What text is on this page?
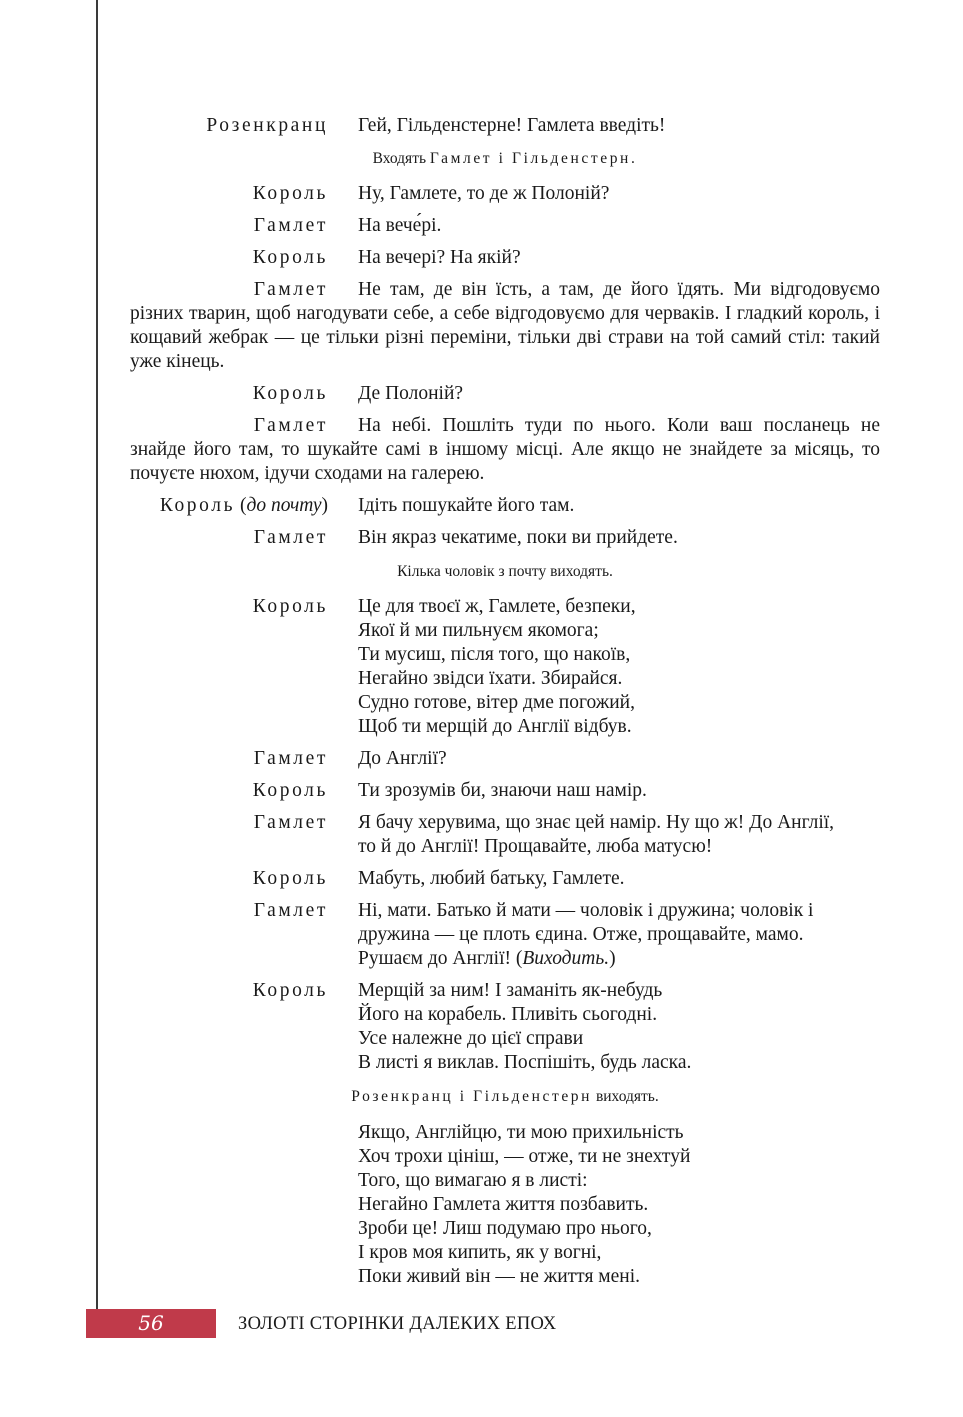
Розенкранц Гей, Гільденстерне! Гамлета введіть!
Входять Гамлет і Гільденстерн.
Король Ну, Гамлете, то де ж Полоній?
Гамлет На вече́рі.
Король На вечері? На якій?
Гамлет	Не там, де він їсть, а там, де його їдять. Ми відгодовуємо різних тварин, щоб нагодувати себе, а себе відгодовуємо для черваків. І гладкий король, і кощавий жебрак — це тільки різні переміни, тільки дві страви на той самий стіл: такий уже кінець.
Король Де Полоній?
Гамлет	На небі. Пошліть туди по нього. Коли ваш посланець не знайде його там, то шукайте самі в іншому місці. Але якщо не знайдете за місяць, то почуєте нюхом, ідучи сходами на галерею.
Король (до почту) Ідіть пошукайте його там.
Гамлет Він якраз чекатиме, поки ви прийдете.
Кілька чоловік з почту виходять.
Король Це для твоєї ж, Гамлете, безпеки,
Якої й ми пильнуєм якомога;
Ти мусиш, після того, що накоїв,
Негайно звідси їхати. Збирайся.
Судно готове, вітер дме погожий,
Щоб ти мерщій до Англії відбув.
Гамлет До Англії?
Король Ти зрозумів би, знаючи наш намір.
Гамлет Я бачу херувима, що знає цей намір. Ну що ж! До Англії,
то й до Англії! Прощавайте, люба матусю!
Король Мабуть, любий батьку, Гамлете.
Гамлет Ні, мати. Батько й мати — чоловік і дружина; чоловік і
дружина — це плоть єдина. Отже, прощавайте, мамо.
Рушаєм до Англії! (Виходить.)
Король Мерщій за ним! І заманіть як-небудь
Його на корабель. Пливіть сьогодні.
Усе належне до цієї справи
В листі я виклав. Поспішіть, будь ласка.
Розенкранц і Гільденстерн виходять.
Якщо, Англійцю, ти мою прихильність
Хоч трохи цініш, — отже, ти не знехтуй
Того, що вимагаю я в листі:
Негайно Гамлета життя позбавить.
Зроби це! Лиш подумаю про нього,
І кров моя кипить, як у вогні,
Поки живий він — не життя мені.
56	ЗОЛОТІ СТОРІНКИ ДАЛЕКИХ ЕПОХ
